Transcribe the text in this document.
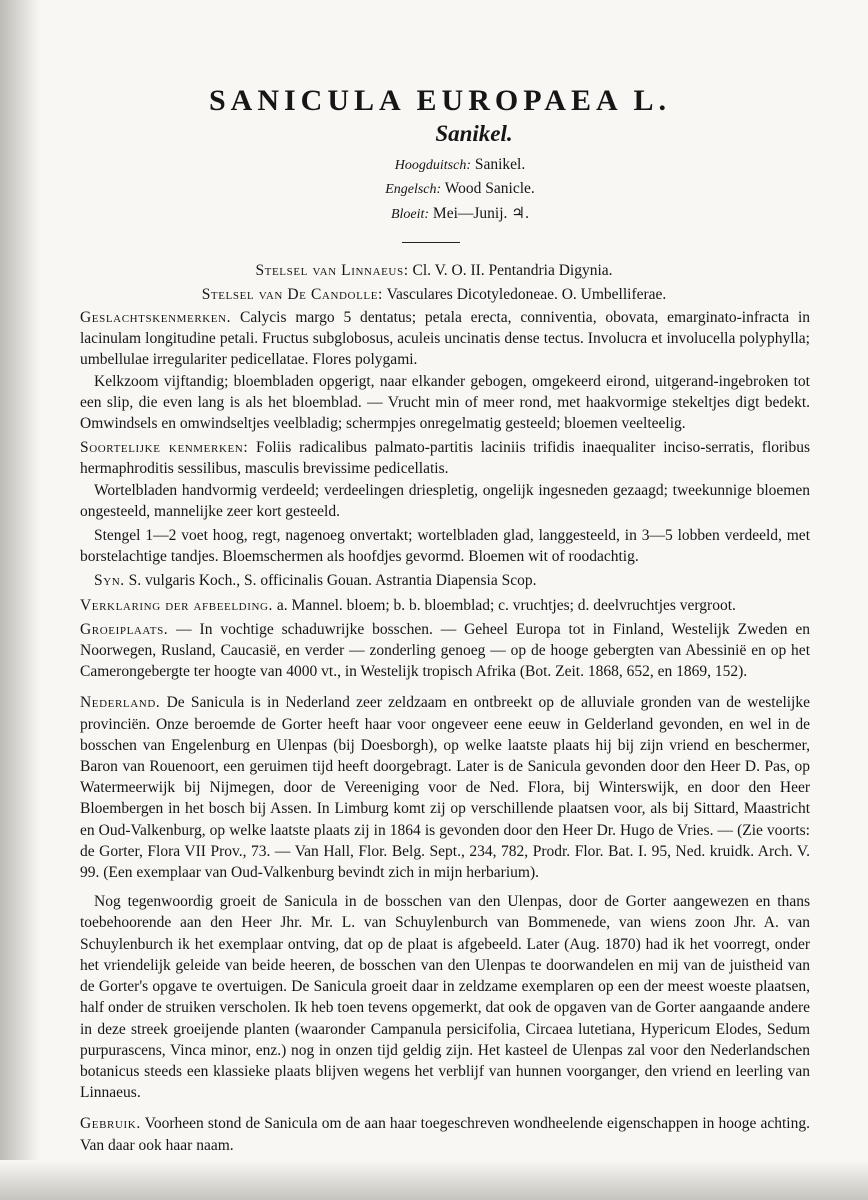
SANICULA EUROPAEA L.
Sanikel.
Hoogduitsch: Sanikel.
Engelsch: Wood Sanicle.
Bloeit: Mei—Junij. ♃.
Stelsel van Linnaeus: Cl. V. O. II. Pentandria Digynia.
Stelsel van De Candolle: Vasculares Dicotyledoneae. O. Umbelliferae.

Geslachtskenmerken. Calycis margo 5 dentatus; petala erecta, conniventia, obovata, emarginato-infracta in lacinulam longitudine petali. Fructus subglobosus, aculeis uncinatis dense tectus. Involucra et involucella polyphylla; umbellulae irregulariter pedicellatae. Flores polygami.

Kelkzoom vijftandig; bloembladen opgerigt, naar elkander gebogen, omgekeerd eirond, uitgerand-ingebroken tot een slip, die even lang is als het bloemblad. — Vrucht min of meer rond, met haakvormige stekeltjes digt bedekt. Omwindsels en omwindseltjes veelbladig; schermpjes onregelmatig gesteeld; bloemen veelteelig.

Soortelijke kenmerken: Foliis radicalibus palmato-partitis laciniis trifidis inaequaliter inciso-serratis, floribus hermaphroditis sessilibus, masculis brevissime pedicellatis.

Wortelbladen handvormig verdeeld; verdeelingen driespletig, ongelijk ingesneden gezaagd; tweekunnige bloemen ongesteeld, mannelijke zeer kort gesteeld.

Stengel 1—2 voet hoog, regt, nagenoeg onvertakt; wortelbladen glad, langgesteeld, in 3—5 lobben verdeeld, met borstelachtige tandjes. Bloemschermen als hoofdjes gevormd. Bloemen wit of roodachtig.

Syn. S. vulgaris Koch., S. officinalis Gouan. Astrantia Diapensia Scop.

Verklaring der afbeelding. a. Mannel. bloem; b. b. bloemblad; c. vruchtjes; d. deelvruchtjes vergroot.

Groeiplaats. — In vochtige schaduwrijke bosschen. — Geheel Europa tot in Finland, Westelijk Zweden en Noorwegen, Rusland, Caucasië, en verder — zonderling genoeg — op de hooge gebergten van Abessinië en op het Camerongebergte ter hoogte van 4000 vt., in Westelijk tropisch Afrika (Bot. Zeit. 1868, 652, en 1869, 152).

Nederland. De Sanicula is in Nederland zeer zeldzaam en ontbreekt op de alluviale gronden van de westelijke provinciën. Onze beroemde de Gorter heeft haar voor ongeveer eene eeuw in Gelderland gevonden, en wel in de bosschen van Engelenburg en Ulenpas (bij Doesborgh), op welke laatste plaats hij bij zijn vriend en beschermer, Baron van Rouenoort, een geruimen tijd heeft doorgebragt. Later is de Sanicula gevonden door den Heer D. Pas, op Watermeerwijk bij Nijmegen, door de Vereeniging voor de Ned. Flora, bij Winterswijk, en door den Heer Bloembergen in het bosch bij Assen. In Limburg komt zij op verschillende plaatsen voor, als bij Sittard, Maastricht en Oud-Valkenburg, op welke laatste plaats zij in 1864 is gevonden door den Heer Dr. Hugo de Vries. — (Zie voorts: de Gorter, Flora VII Prov., 73. — Van Hall, Flor. Belg. Sept., 234, 782, Prodr. Flor. Bat. I. 95, Ned. kruidk. Arch. V. 99. (Een exemplaar van Oud-Valkenburg bevindt zich in mijn herbarium).

Nog tegenwoordig groeit de Sanicula in de bosschen van den Ulenpas, door de Gorter aangewezen en thans toebehoorende aan den Heer Jhr. Mr. L. van Schuylenburch van Bommenede, van wiens zoon Jhr. A. van Schuylenburch ik het exemplaar ontving, dat op de plaat is afgebeeld. Later (Aug. 1870) had ik het voorregt, onder het vriendelijk geleide van beide heeren, de bosschen van den Ulenpas te doorwandelen en mij van de juistheid van de Gorter's opgave te overtuigen. De Sanicula groeit daar in zeldzame exemplaren op een der meest woeste plaatsen, half onder de struiken verscholen. Ik heb toen tevens opgemerkt, dat ook de opgaven van de Gorter aangaande andere in deze streek groeijende planten (waaronder Campanula persicifolia, Circaea lutetiana, Hypericum Elodes, Sedum purpurascens, Vinca minor, enz.) nog in onzen tijd geldig zijn. Het kasteel de Ulenpas zal voor den Nederlandschen botanicus steeds een klassieke plaats blijven wegens het verblijf van hunnen voorganger, den vriend en leerling van Linnaeus.

Gebruik. Voorheen stond de Sanicula om de aan haar toegeschreven wondheelende eigenschappen in hooge achting. Van daar ook haar naam.
